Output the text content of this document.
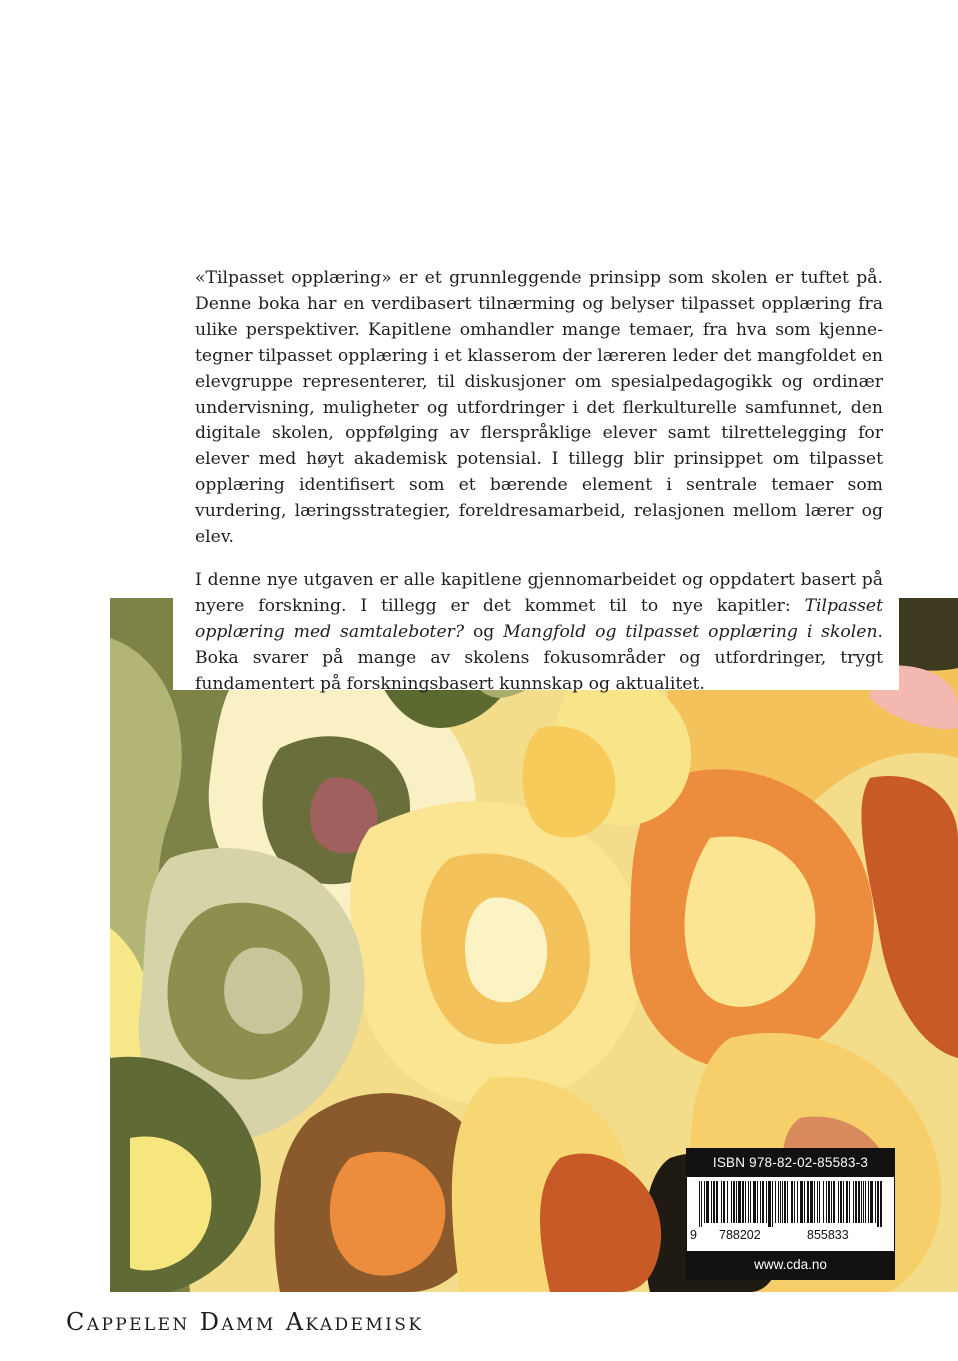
«Tilpasset opplæring» er et grunnleggende prinsipp som skolen er tuftet på. Denne boka har en verdibasert tilnærming og belyser tilpasset opplæring fra ulike perspektiver. Kapitlene omhandler mange temaer, fra hva som kjennetegner tilpasset opplæring i et klasserom der læreren leder det mangfoldet en elevgruppe representerer, til diskusjoner om spesialpedagogikk og ordinær undervisning, muligheter og utfordringer i det flerkulturelle samfunnet, den digitale skolen, oppfølging av flerspråklige elever samt tilrettelegging for elever med høyt akademisk potensial. I tillegg blir prinsippet om tilpasset opplæring identifisert som et bærende element i sentrale temaer som vurdering, læringsstrategier, foreldresamarbeid, relasjonen mellom lærer og elev.

I denne nye utgaven er alle kapitlene gjennomarbeidet og oppdatert basert på nyere forskning. I tillegg er det kommet til to nye kapitler: Tilpasset opplæring med samtaleboter? og Mangfold og tilpasset opplæring i skolen. Boka svarer på mange av skolens fokusområder og utfordringer, trygt fundamentert på forskningsbasert kunnskap og aktualitet.

ISBN 978-82-02-85583-3
9 788202	855833
www.cda.no
Cappelen Damm Akademisk
